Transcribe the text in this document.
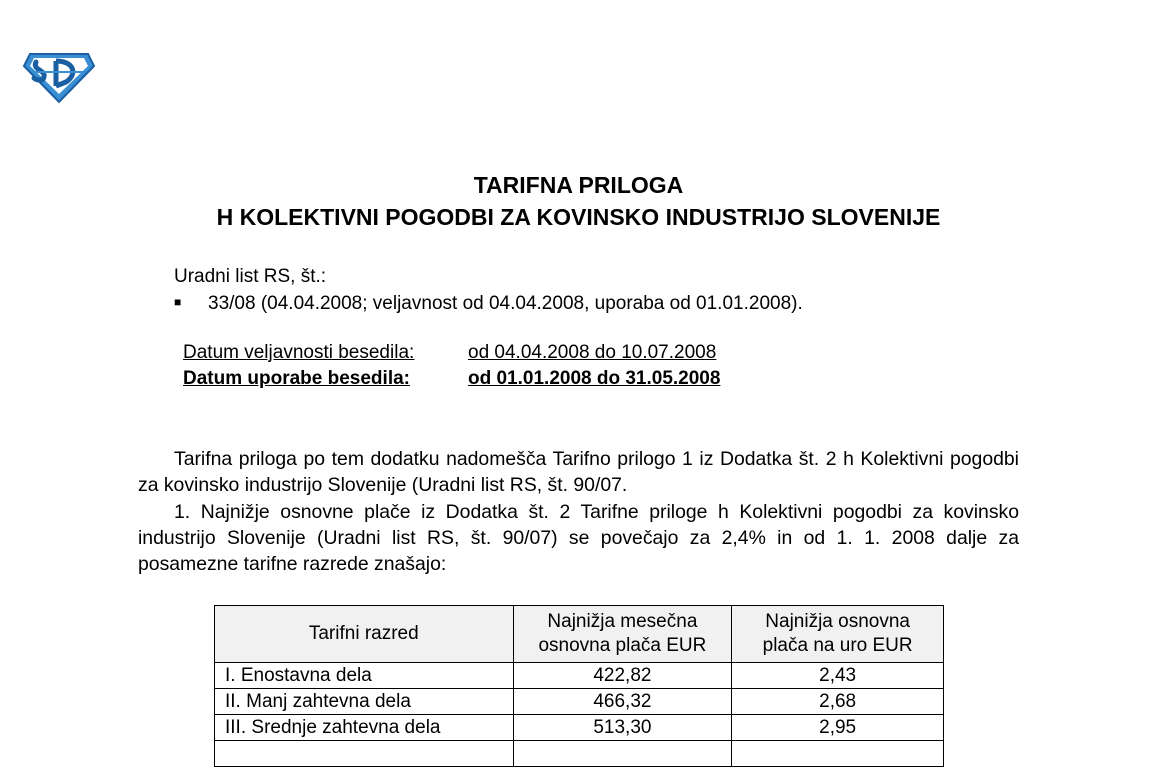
TARIFNA PRILOGA
H KOLEKTIVNI POGODBI ZA KOVINSKO INDUSTRIJO SLOVENIJE
Uradni list RS, št.:
■ 33/08 (04.04.2008; veljavnost od 04.04.2008, uporaba od 01.01.2008).
Datum veljavnosti besedila:	od 04.04.2008 do 10.07.2008
Datum uporabe besedila:	od 01.01.2008 do 31.05.2008

Tarifna priloga po tem dodatku nadomešča Tarifno prilogo 1 iz Dodatka št. 2 h Kolektivni pogodbi za kovinsko industrijo Slovenije (Uradni list RS, št. 90/07.

1. Najnižje osnovne plače iz Dodatka št. 2 Tarifne priloge h Kolektivni pogodbi za kovinsko industrijo Slovenije (Uradni list RS, št. 90/07) se povečajo za 2,4% in od 1. 1. 2008 dalje za posamezne tarifne razrede znašajo:

Tarifni razred	Najnižja mesečna osnovna plača EUR	Najnižja osnovna plača na uro EUR
I. Enostavna dela	422,82	2,43
II. Manj zahtevna dela	466,32	2,68
III. Srednje zahtevna dela	513,30	2,95
